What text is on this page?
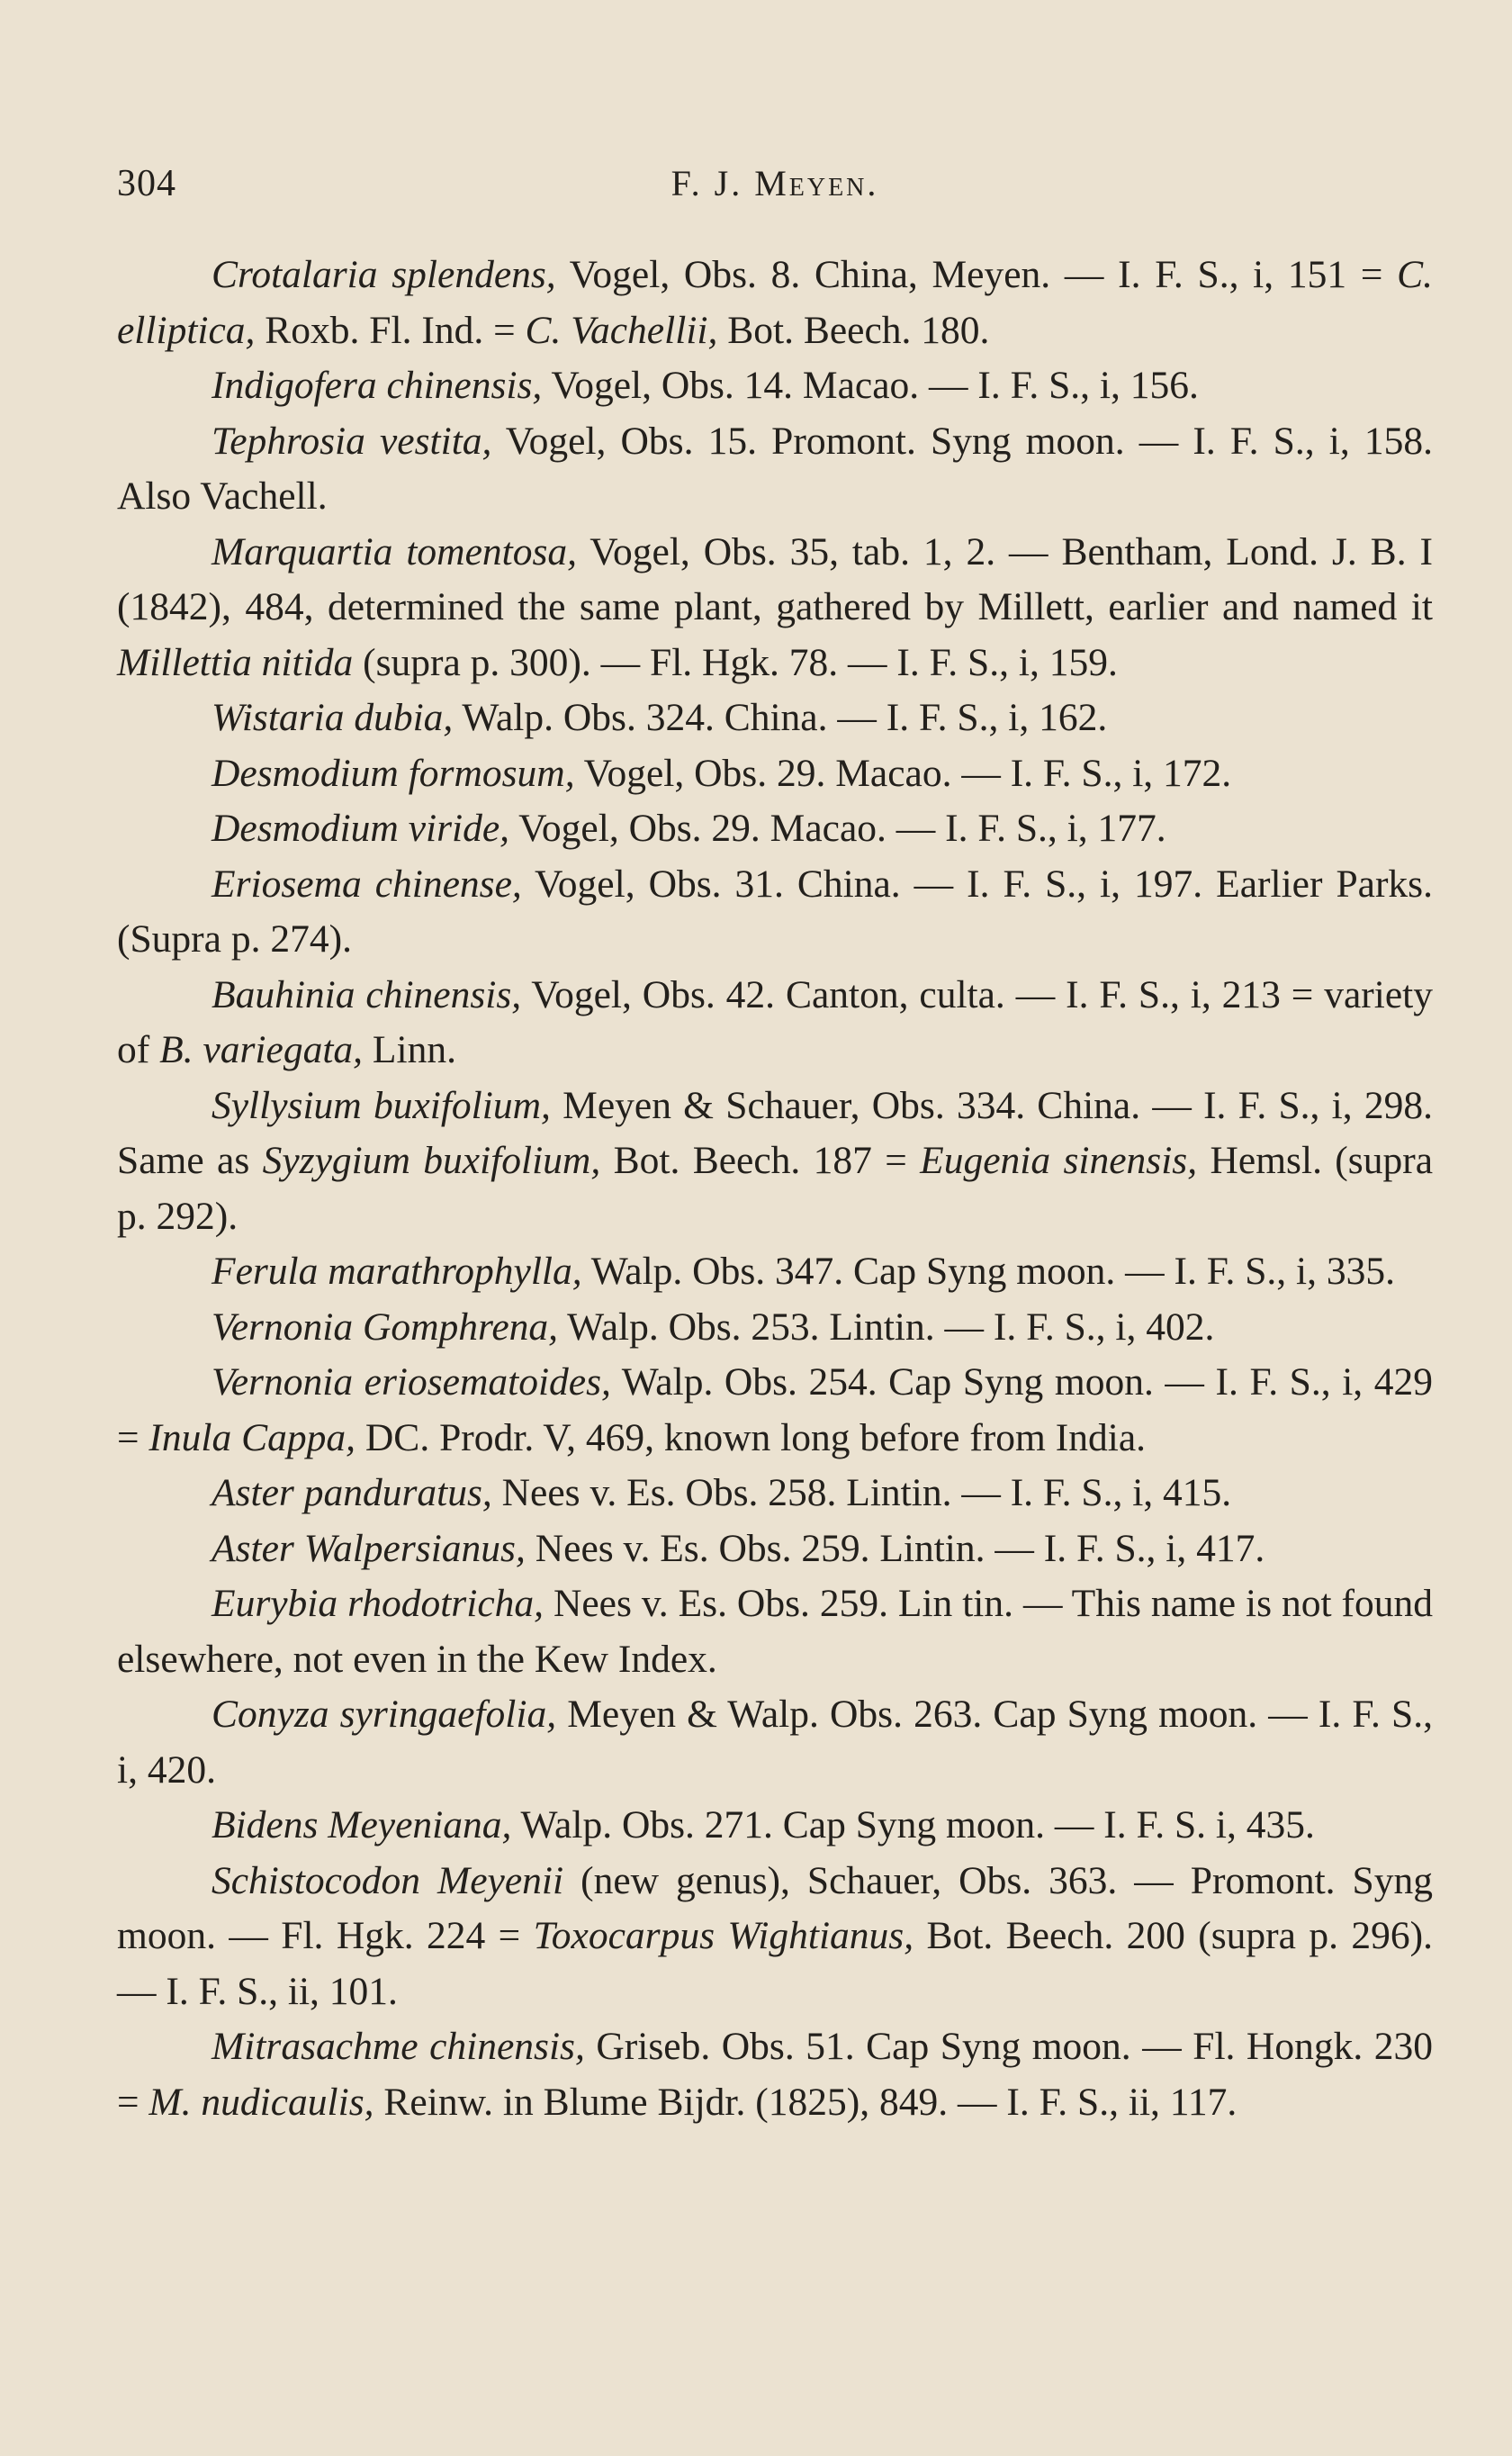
304	F. J. Meyen.

Crotalaria splendens, Vogel, Obs. 8. China, Meyen. — I. F. S., i, 151 = C. elliptica, Roxb. Fl. Ind. = C. Vachellii, Bot. Beech. 180.

Indigofera chinensis, Vogel, Obs. 14. Macao. — I. F. S., i, 156.

Tephrosia vestita, Vogel, Obs. 15. Promont. Syng moon. — I. F. S., i, 158. Also Vachell.

Marquartia tomentosa, Vogel, Obs. 35, tab. 1, 2. — Bentham, Lond. J. B. I (1842), 484, determined the same plant, gathered by Millett, earlier and named it Millettia nitida (supra p. 300). — Fl. Hgk. 78. — I. F. S., i, 159.

Wistaria dubia, Walp. Obs. 324. China. — I. F. S., i, 162.

Desmodium formosum, Vogel, Obs. 29. Macao. — I. F. S., i, 172.

Desmodium viride, Vogel, Obs. 29. Macao. — I. F. S., i, 177.

Eriosema chinense, Vogel, Obs. 31. China. — I. F. S., i, 197. Earlier Parks. (Supra p. 274).

Bauhinia chinensis, Vogel, Obs. 42. Canton, culta. — I. F. S., i, 213 = variety of B. variegata, Linn.

Syllysium buxifolium, Meyen & Schauer, Obs. 334. China. — I. F. S., i, 298. Same as Syzygium buxifolium, Bot. Beech. 187 = Eugenia sinensis, Hemsl. (supra p. 292).

Ferula marathrophylla, Walp. Obs. 347. Cap Syng moon. — I. F. S., i, 335.

Vernonia Gomphrena, Walp. Obs. 253. Lintin. — I. F. S., i, 402.

Vernonia eriosematoides, Walp. Obs. 254. Cap Syng moon. — I. F. S., i, 429 = Inula Cappa, DC. Prodr. V, 469, known long before from India.

Aster panduratus, Nees v. Es. Obs. 258. Lintin. — I. F. S., i, 415.

Aster Walpersianus, Nees v. Es. Obs. 259. Lintin. — I. F. S., i, 417.

Eurybia rhodotricha, Nees v. Es. Obs. 259. Lin tin. — This name is not found elsewhere, not even in the Kew Index.

Conyza syringaefolia, Meyen & Walp. Obs. 263. Cap Syng moon. — I. F. S., i, 420.

Bidens Meyeniana, Walp. Obs. 271. Cap Syng moon. — I. F. S. i, 435.

Schistocodon Meyenii (new genus), Schauer, Obs. 363. — Promont. Syng moon. — Fl. Hgk. 224 = Toxocarpus Wightianus, Bot. Beech. 200 (supra p. 296). — I. F. S., ii, 101.

Mitrasachme chinensis, Griseb. Obs. 51. Cap Syng moon. — Fl. Hongk. 230 = M. nudicaulis, Reinw. in Blume Bijdr. (1825), 849. — I. F. S., ii, 117.
